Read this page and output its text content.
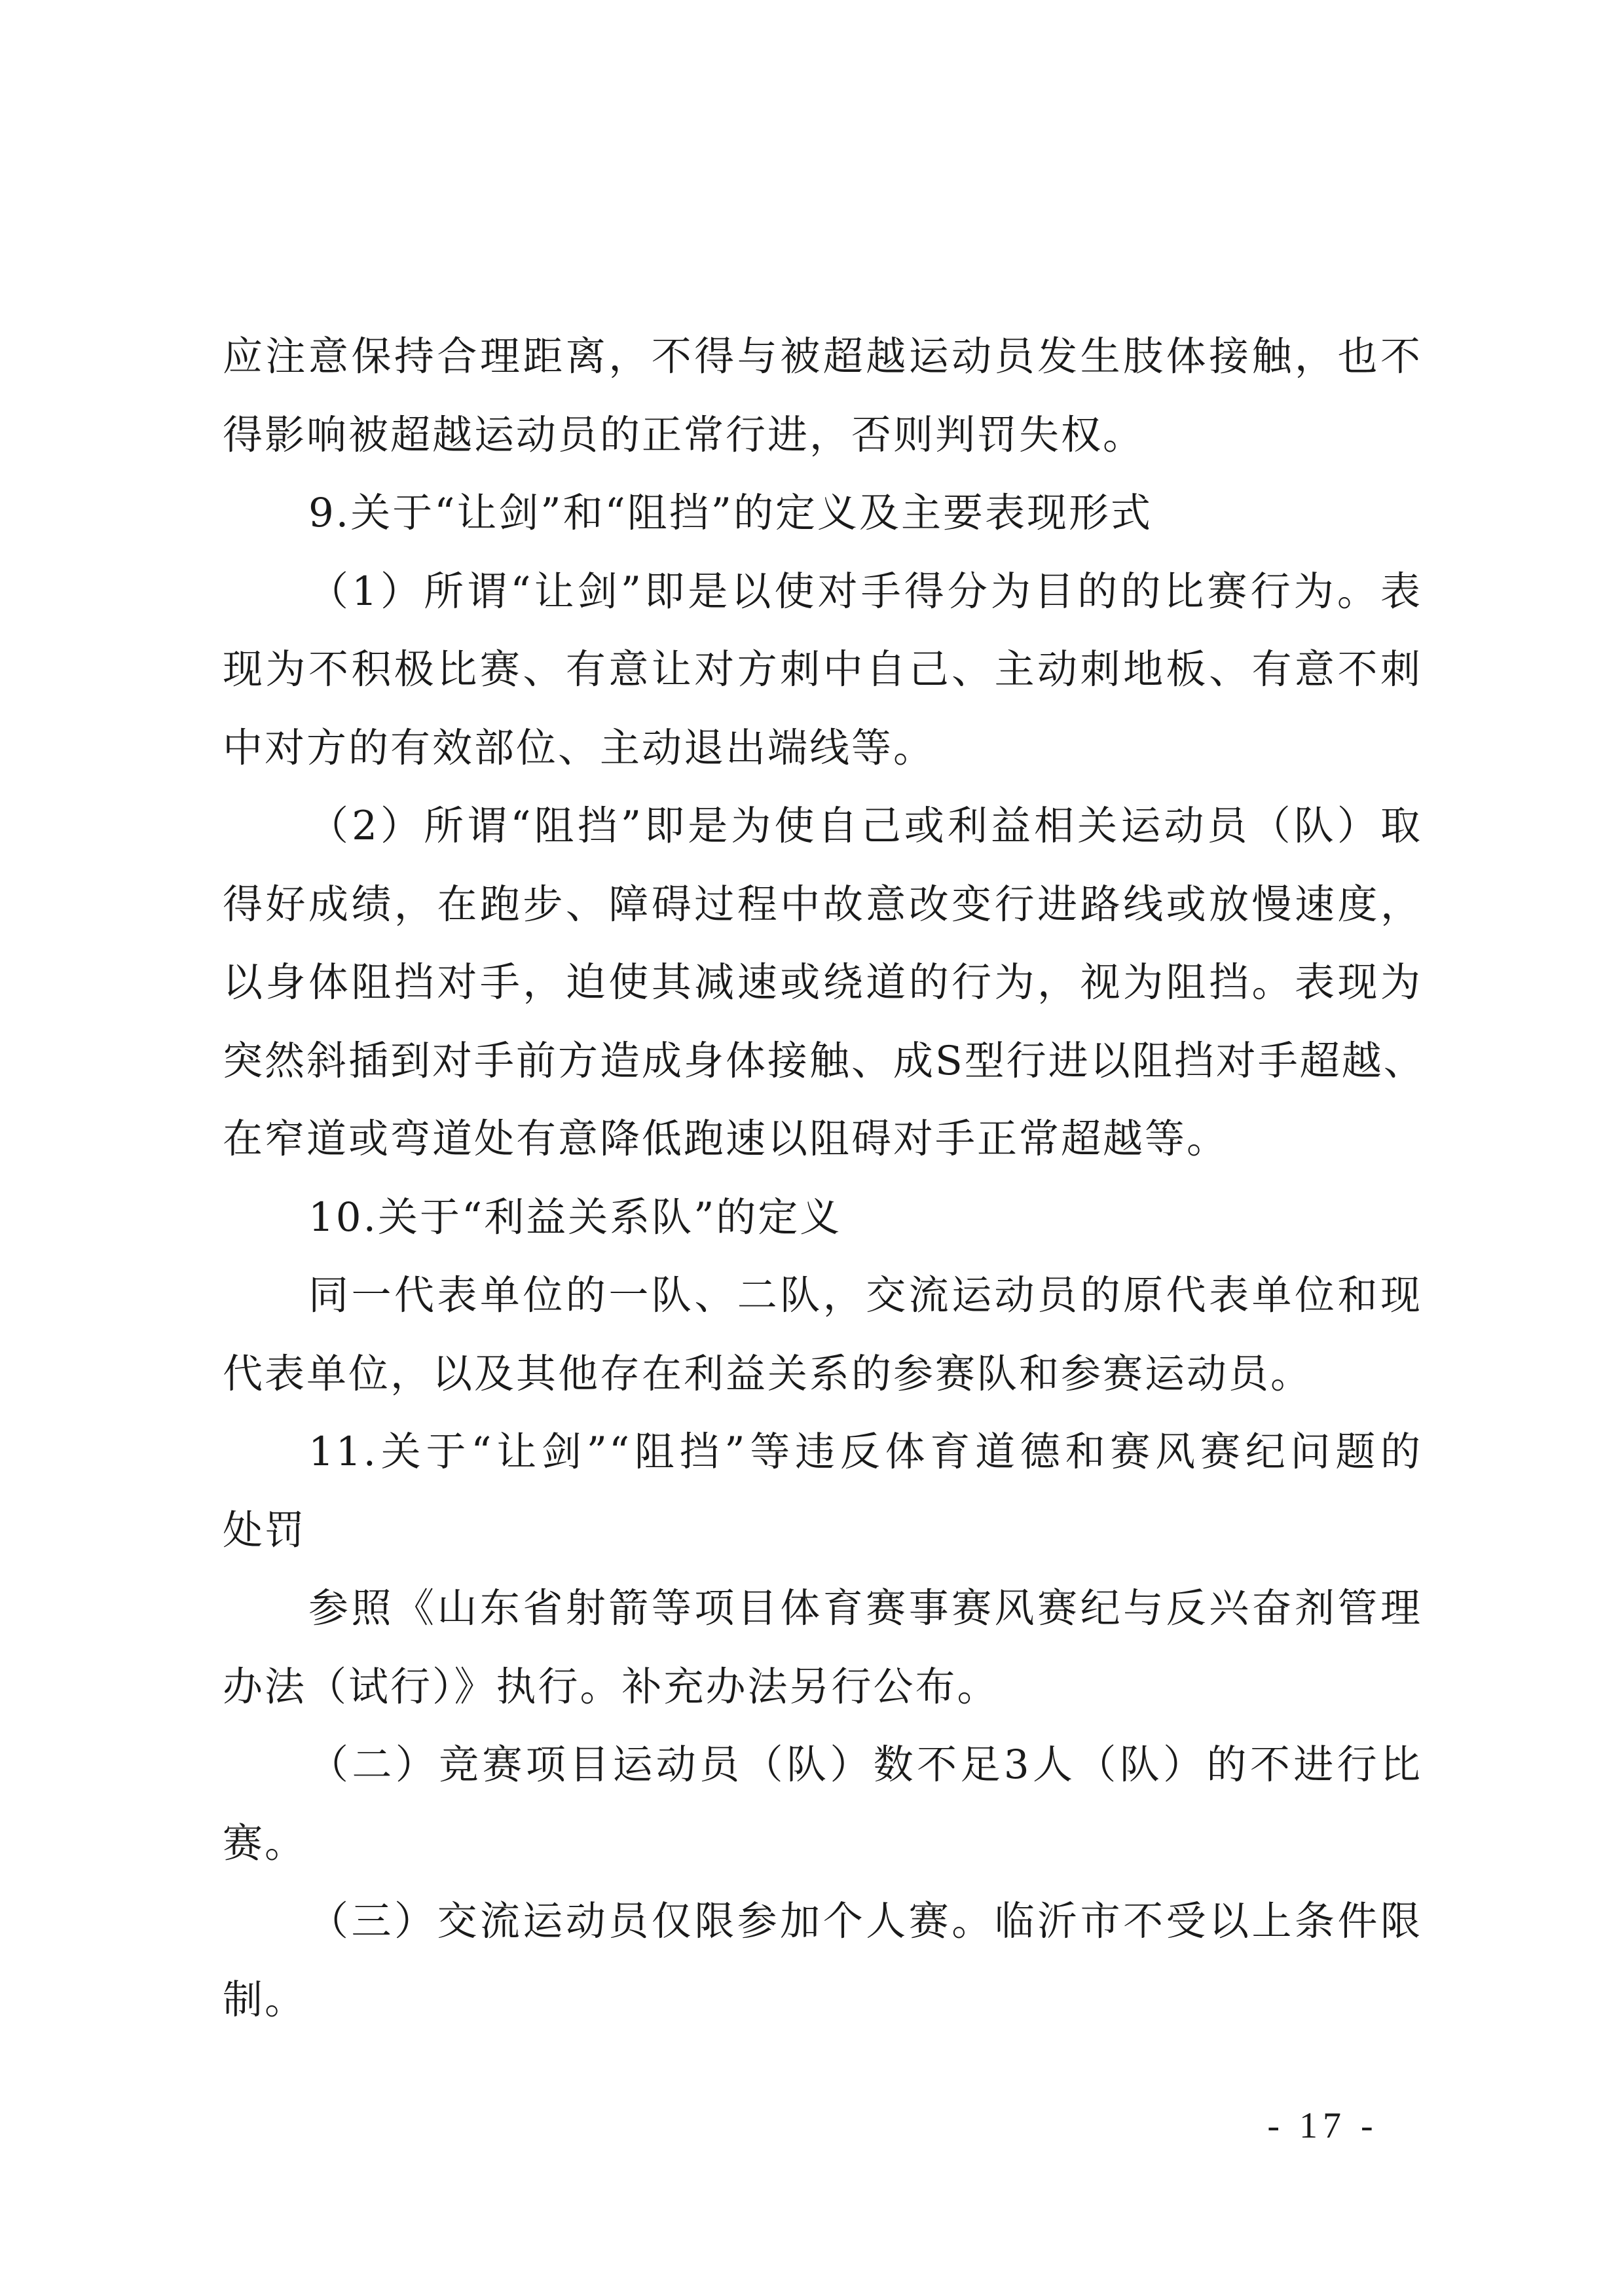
应注意保持合理距离，不得与被超越运动员发生肢体接触，也不
得影响被超越运动员的正常行进，否则判罚失权。
9.关于“让剑”和“阻挡”的定义及主要表现形式
（1）所谓“让剑”即是以使对手得分为目的的比赛行为。表
现为不积极比赛、有意让对方刺中自己、主动刺地板、有意不刺
中对方的有效部位、主动退出端线等。
（2）所谓“阻挡”即是为使自己或利益相关运动员（队）取
得好成绩，在跑步、障碍过程中故意改变行进路线或放慢速度，
以身体阻挡对手，迫使其减速或绕道的行为，视为阻挡。表现为
突然斜插到对手前方造成身体接触、成S型行进以阻挡对手超越、
在窄道或弯道处有意降低跑速以阻碍对手正常超越等。
10.关于“利益关系队”的定义
同一代表单位的一队、二队，交流运动员的原代表单位和现
代表单位，以及其他存在利益关系的参赛队和参赛运动员。
11.关于“让剑”“阻挡”等违反体育道德和赛风赛纪问题的
处罚
参照《山东省射箭等项目体育赛事赛风赛纪与反兴奋剂管理
办法（试行）》执行。补充办法另行公布。
（二）竞赛项目运动员（队）数不足3人（队）的不进行比
赛。
（三）交流运动员仅限参加个人赛。临沂市不受以上条件限
制。
- 17 -
